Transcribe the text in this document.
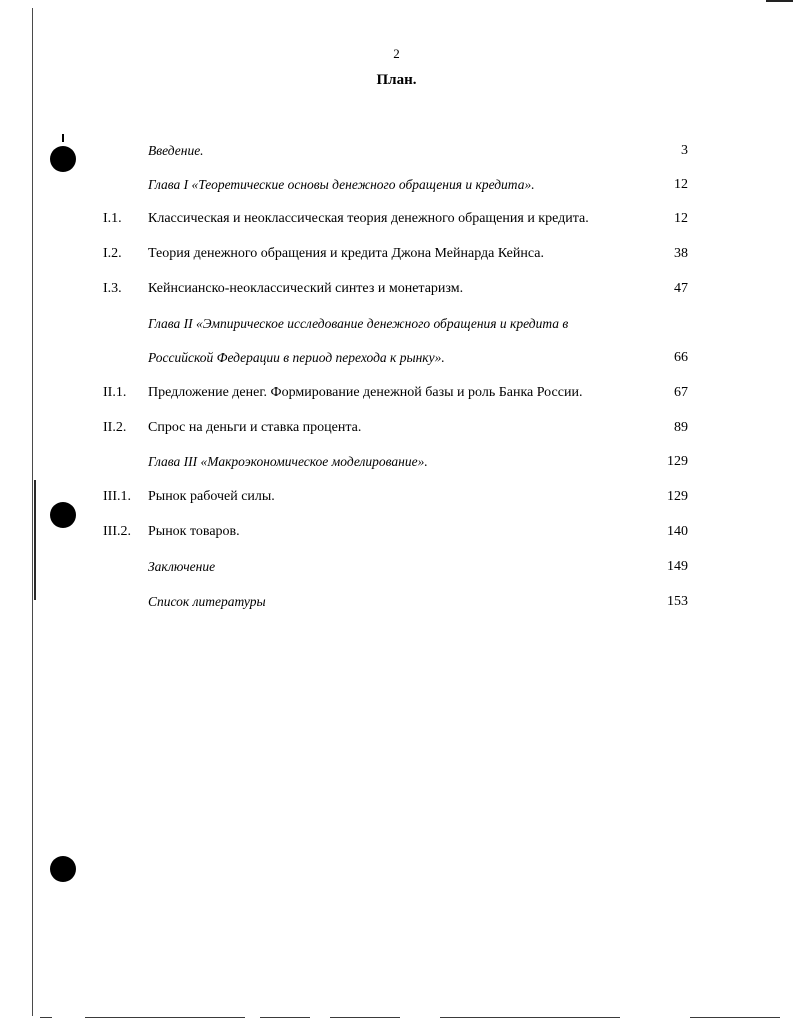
2
План.
Введение.	3
Глава I «Теоретические основы денежного обращения и кредита».	12
I.1. Классическая и неоклассическая теория денежного обращения и кредита.	12
I.2. Теория денежного обращения и кредита Джона Мейнарда Кейнса.	38
I.3. Кейнсианско-неоклассический синтез и монетаризм.	47
Глава II «Эмпирическое исследование денежного обращения и кредита в
Российской Федерации в период перехода к рынку».	66
II.1. Предложение денег. Формирование денежной базы и роль Банка России.	67
II.2. Спрос на деньги и ставка процента.	89
Глава III «Макроэкономическое моделирование».	129
III.1. Рынок рабочей силы.	129
III.2. Рынок товаров.	140
Заключение	149
Список литературы	153
